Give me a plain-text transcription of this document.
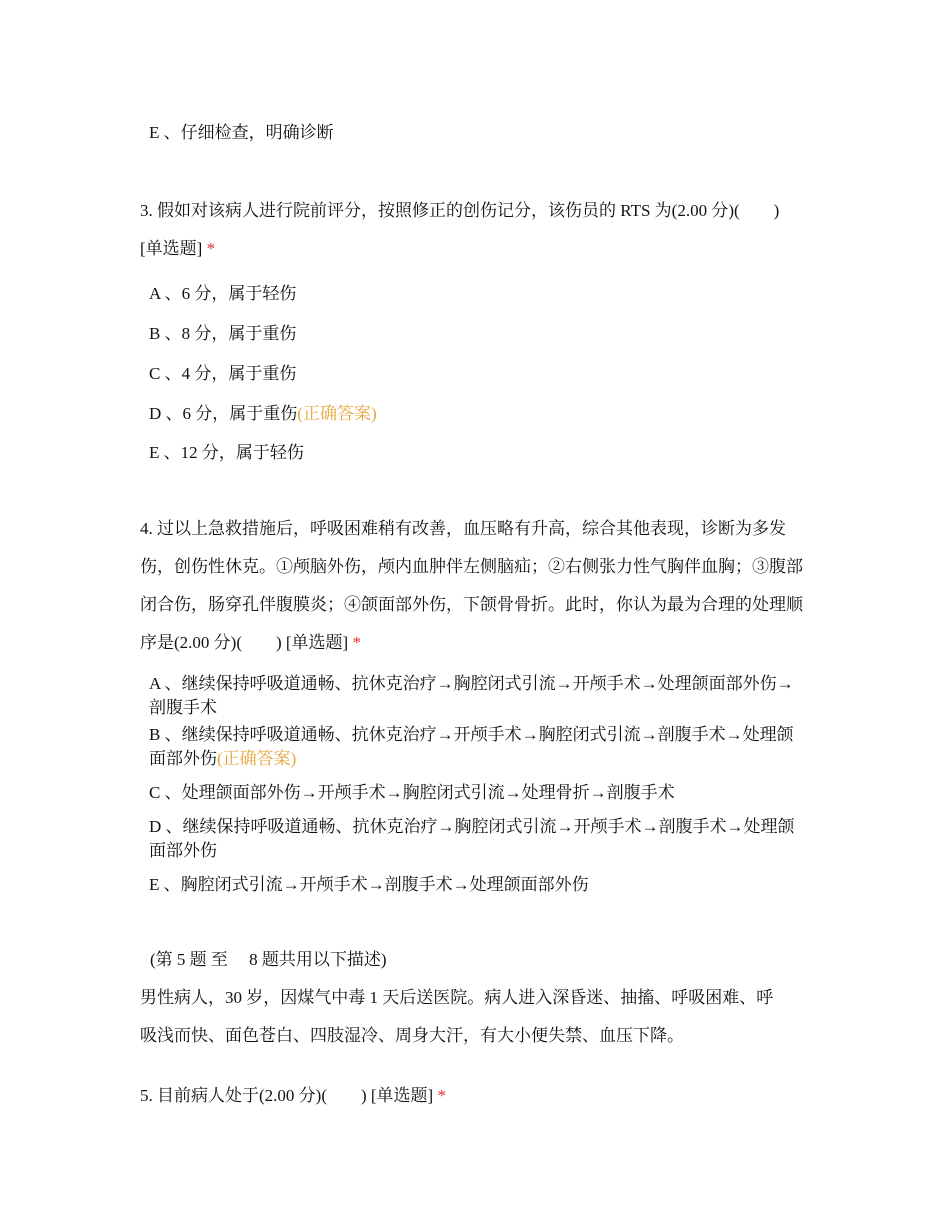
E 、仔细检查，明确诊断
3. 假如对该病人进行院前评分，按照修正的创伤记分，该伤员的 RTS 为(2.00 分)(　　) [单选题] *
A 、6 分，属于轻伤
B 、8 分，属于重伤
C 、4 分，属于重伤
D 、6 分，属于重伤(正确答案)
E 、12 分，属于轻伤
4. 过以上急救措施后，呼吸困难稍有改善，血压略有升高，综合其他表现，诊断为多发伤，创伤性休克。①颅脑外伤，颅内血肿伴左侧脑疝；②右侧张力性气胸伴血胸；③腹部闭合伤，肠穿孔伴腹膜炎；④颌面部外伤，下颌骨骨折。此时，你认为最为合理的处理顺序是(2.00 分)(　　) [单选题] *
A 、继续保持呼吸道通畅、抗休克治疗→胸腔闭式引流→开颅手术→处理颌面部外伤→剖腹手术
B 、继续保持呼吸道通畅、抗休克治疗→开颅手术→胸腔闭式引流→剖腹手术→处理颌面部外伤(正确答案)
C 、处理颌面部外伤→开颅手术→胸腔闭式引流→处理骨折→剖腹手术
D 、继续保持呼吸道通畅、抗休克治疗→胸腔闭式引流→开颅手术→剖腹手术→处理颌面部外伤
E 、胸腔闭式引流→开颅手术→剖腹手术→处理颌面部外伤
(第 5 题 至　 8 题共用以下描述)
男性病人，30 岁，因煤气中毒 1 天后送医院。病人进入深昏迷、抽搐、呼吸困难、呼吸浅而快、面色苍白、四肢湿冷、周身大汗，有大小便失禁、血压下降。
5. 目前病人处于(2.00 分)(　　) [单选题] *
